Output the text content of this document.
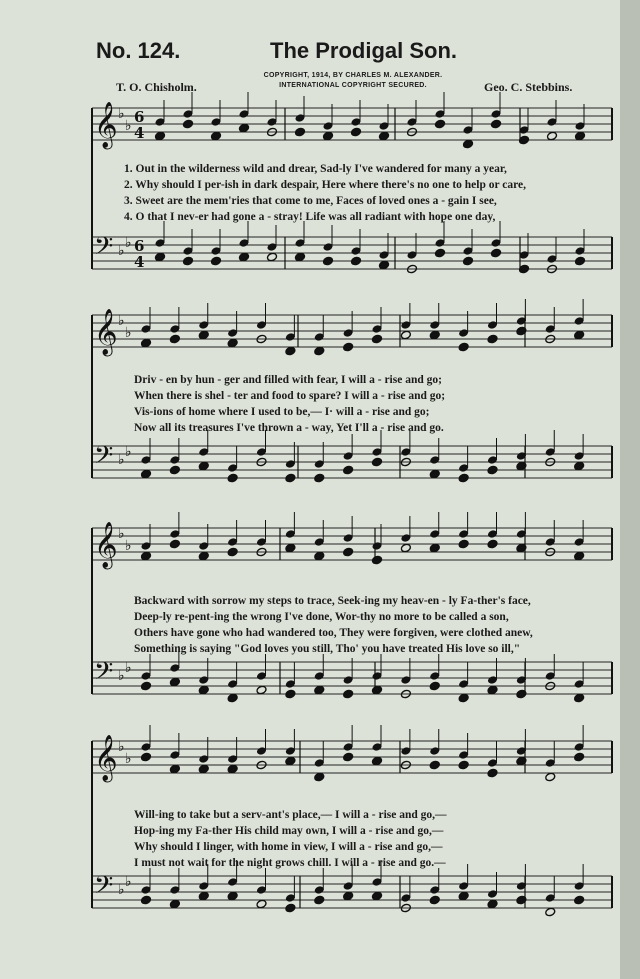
No. 124.	The Prodigal Son.
T. O. Chisholm.
COPYRIGHT, 1914, BY CHARLES M. ALEXANDER.
INTERNATIONAL COPYRIGHT SECURED.	Geo. C. Stebbins.
𝄞 ♭
♭
𝄢 ♭ ♭
6
4
6
4
𝄞 ♭
♭
𝄢 ♭ ♭
𝄞 ♭
♭
𝄢 ♭ ♭
𝄞 ♭
♭
𝄢 ♭ ♭
1. Out in the wilderness wild and drear, Sad-ly I've wandered for many a year,
2. Why should I per-ish in dark despair, Here where there's no one to help or care,
3. Sweet are the mem'ries that come to me, Faces of loved ones a - gain I see,
4. O that I nev-er had gone a - stray! Life was all radiant with hope one day,
Driv - en by hun - ger and filled with fear, I will a - rise and go;
When there is shel - ter and food to spare? I will a - rise and go;
Vis-ions of home where I used to be,— I· will a - rise and go;
Now all its treasures I've thrown a - way, Yet I'll a - rise and go.
Backward with sorrow my steps to trace, Seek-ing my heav-en - ly Fa-ther's face,
Deep-ly re-pent-ing the wrong I've done, Wor-thy no more to be called a son,
Others have gone who had wandered too, They were forgiven, were clothed anew,
Something is saying "God loves you still, Tho' you have treated His love so ill,"
Will-ing to take but a serv-ant's place,— I will a - rise and go,—
Hop-ing my Fa-ther His child may own, I will a - rise and go,—
Why should I linger, with home in view, I will a - rise and go,—
I must not wait for the night grows chill. I will a - rise and go.—
